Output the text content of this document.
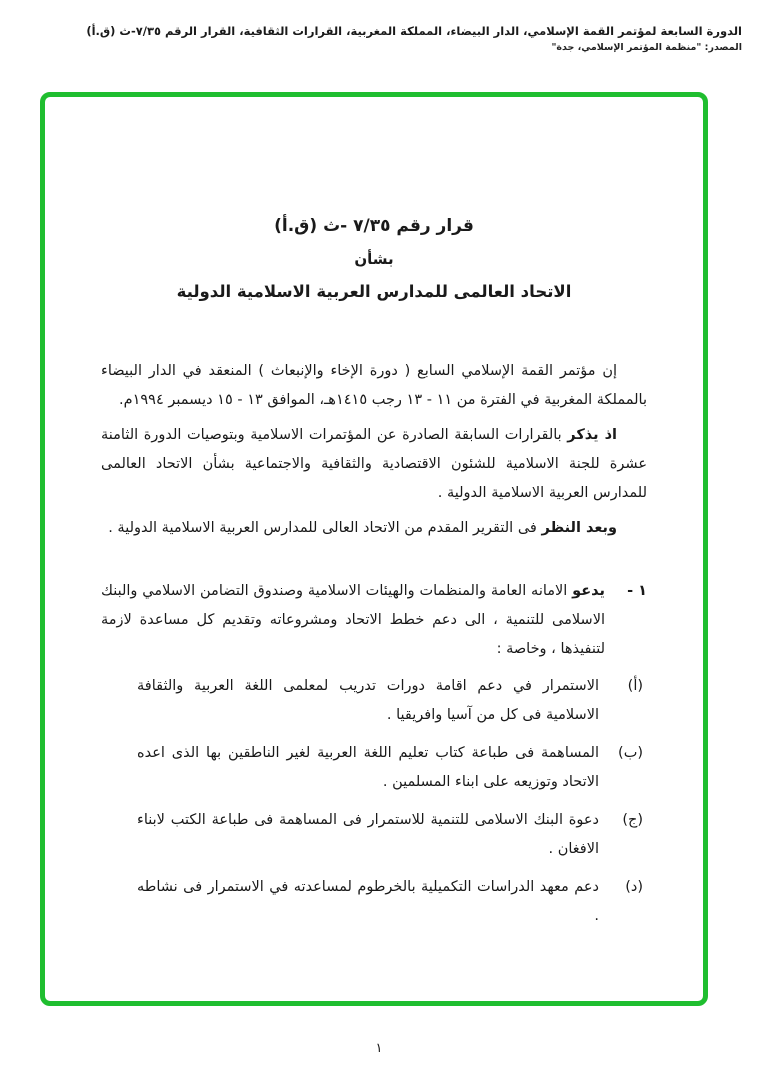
الدورة السابعة لمؤتمر القمة الإسلامي، الدار البيضاء، المملكة المغربية، القرارات الثقافية، القرار الرقم ٧/٣٥-ث (ق.أ)
المصدر: "منظمة المؤتمر الإسلامي، جدة"
قرار رقم ٧/٣٥ -ث (ق.أ)
بشأن
الاتحاد العالمى للمدارس العربية الاسلامية الدولية

إن مؤتمر القمة الإسلامي السابع ( دورة الإخاء والإنبعاث ) المنعقد في الدار البيضاء بالمملكة المغربية في الفترة من ١١ - ١٣ رجب ١٤١٥هـ، الموافق ١٣ - ١٥ ديسمبر ١٩٩٤م.

اذ يذكر بالقرارات السابقة الصادرة عن المؤتمرات الاسلامية وبتوصيات الدورة الثامنة عشرة للجنة الاسلامية للشئون الاقتصادية والثقافية والاجتماعية بشأن الاتحاد العالمى للمدارس العربية الاسلامية الدولية .

وبعد النظر فى التقرير المقدم من الاتحاد العالى للمدارس العربية الاسلامية الدولية .

١ -
يدعو الامانه العامة والمنظمات والهيئات الاسلامية وصندوق التضامن الاسلامي والبنك الاسلامى للتنمية ، الى دعم خطط الاتحاد ومشروعاته وتقديم كل مساعدة لازمة لتنفيذها ، وخاصة :
(أ)
الاستمرار في دعم اقامة دورات تدريب لمعلمى اللغة العربية والثقافة الاسلامية فى كل من آسيا وافريقيا .
(ب)
المساهمة فى طباعة كتاب تعليم اللغة العربية لغير الناطقين بها الذى اعده الاتحاد وتوزيعه على ابناء المسلمين .
(ج)
دعوة البنك الاسلامى للتنمية للاستمرار فى المساهمة فى طباعة الكتب لابناء الافغان .
(د)
دعم معهد الدراسات التكميلية بالخرطوم لمساعدته في الاستمرار فى نشاطه .
١
